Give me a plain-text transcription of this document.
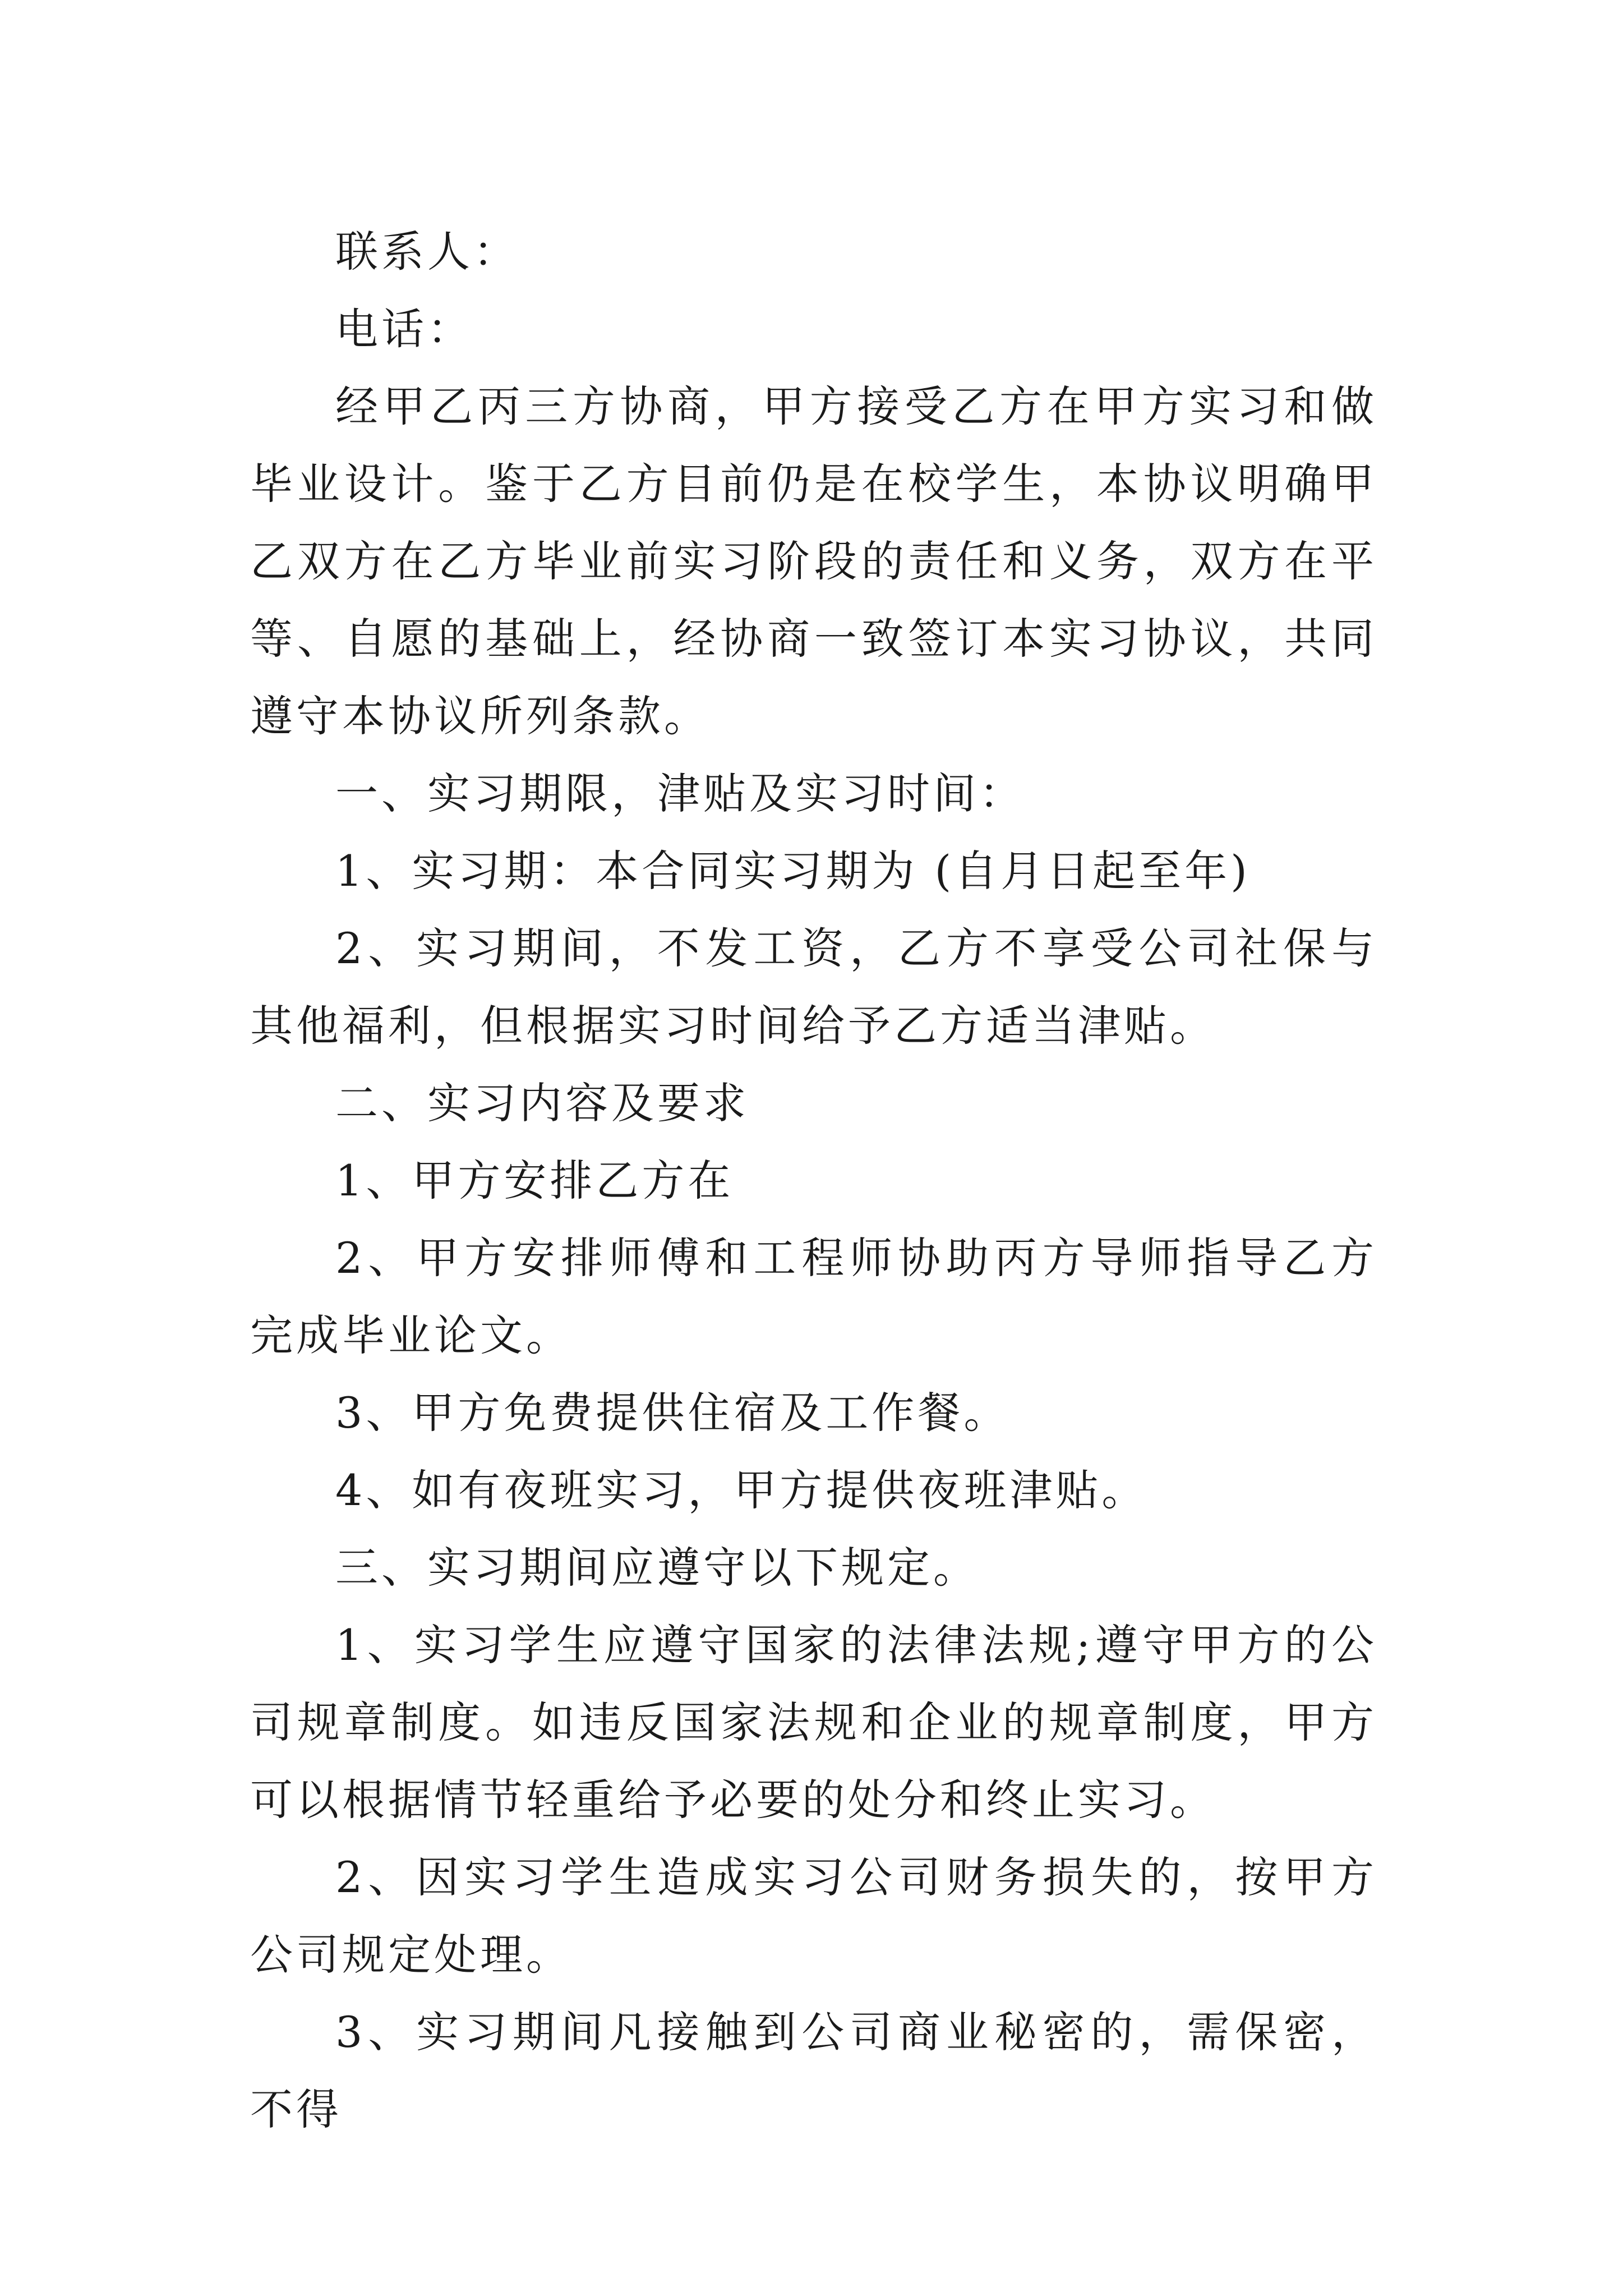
联系人：

电话：

经甲乙丙三方协商，甲方接受乙方在甲方实习和做毕业设计。鉴于乙方目前仍是在校学生，本协议明确甲乙双方在乙方毕业前实习阶段的责任和义务，双方在平等、自愿的基础上，经协商一致签订本实习协议，共同遵守本协议所列条款。

一、实习期限，津贴及实习时间：

1、实习期：本合同实习期为 (自月日起至年)

2、实习期间，不发工资，乙方不享受公司社保与其他福利，但根据实习时间给予乙方适当津贴。

二、实习内容及要求

1、甲方安排乙方在

2、甲方安排师傅和工程师协助丙方导师指导乙方完成毕业论文。

3、甲方免费提供住宿及工作餐。

4、如有夜班实习，甲方提供夜班津贴。

三、实习期间应遵守以下规定。

1、实习学生应遵守国家的法律法规;遵守甲方的公司规章制度。如违反国家法规和企业的规章制度，甲方可以根据情节轻重给予必要的处分和终止实习。

2、因实习学生造成实习公司财务损失的，按甲方公司规定处理。

3、实习期间凡接触到公司商业秘密的，需保密，不得
